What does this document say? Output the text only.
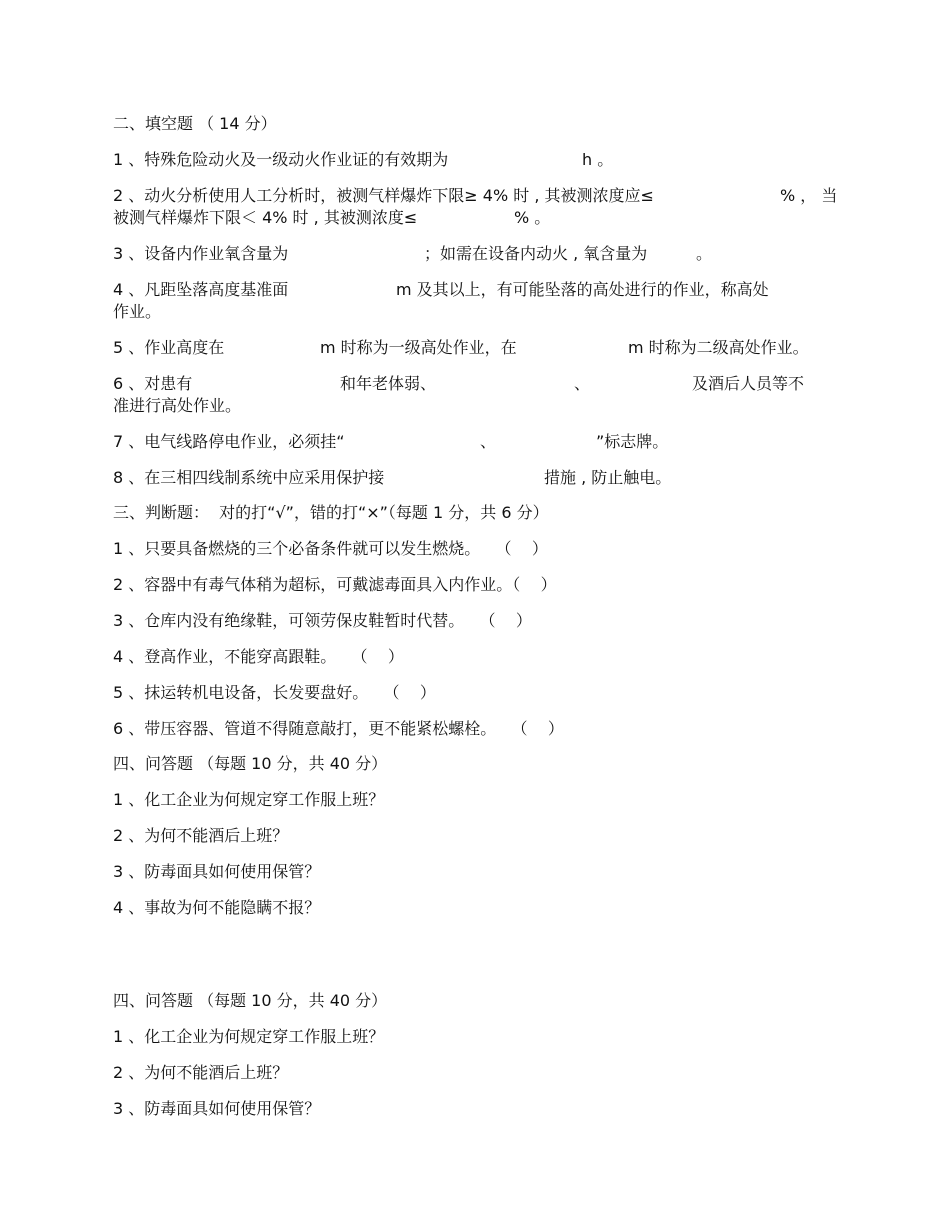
二、填空题 （ 14 分）
1 、特殊危险动火及一级动火作业证的有效期为	h 。
2 、动火分析使用人工分析时，被测气样爆炸下限≥ 4% 时 , 其被测浓度应≤	% ， 当
被测气样爆炸下限＜ 4% 时 , 其被测浓度≤	% 。
3 、设备内作业氧含量为	；如需在设备内动火 , 氧含量为	。
4 、凡距坠落高度基准面	m 及其以上，有可能坠落的高处进行的作业，称高处
作业。
5 、作业高度在	m 时称为一级高处作业，在	m 时称为二级高处作业。
6 、对患有	和年老体弱、	、	及酒后人员等不
准进行高处作业。
7 、电气线路停电作业，必须挂“	、	”标志牌。
8 、在三相四线制系统中应采用保护接	措施 , 防止触电。
三、判断题：  对的打“√”，错的打“×”（每题 1 分，共 6 分）
1 、只要具备燃烧的三个必备条件就可以发生燃烧。   （    ）
2 、容器中有毒气体稍为超标，可戴滤毒面具入内作业。（    ）
3 、仓库内没有绝缘鞋，可领劳保皮鞋暂时代替。   （    ）
4 、登高作业，不能穿高跟鞋。   （    ）
5 、抹运转机电设备，长发要盘好。   （    ）
6 、带压容器、管道不得随意敲打，更不能紧松螺栓。   （    ）
四、问答题 （每题 10 分，共 40 分）
1 、化工企业为何规定穿工作服上班？
2 、为何不能酒后上班？
3 、防毒面具如何使用保管？
4 、事故为何不能隐瞒不报？
四、问答题 （每题 10 分，共 40 分）
1 、化工企业为何规定穿工作服上班？
2 、为何不能酒后上班？
3 、防毒面具如何使用保管？
